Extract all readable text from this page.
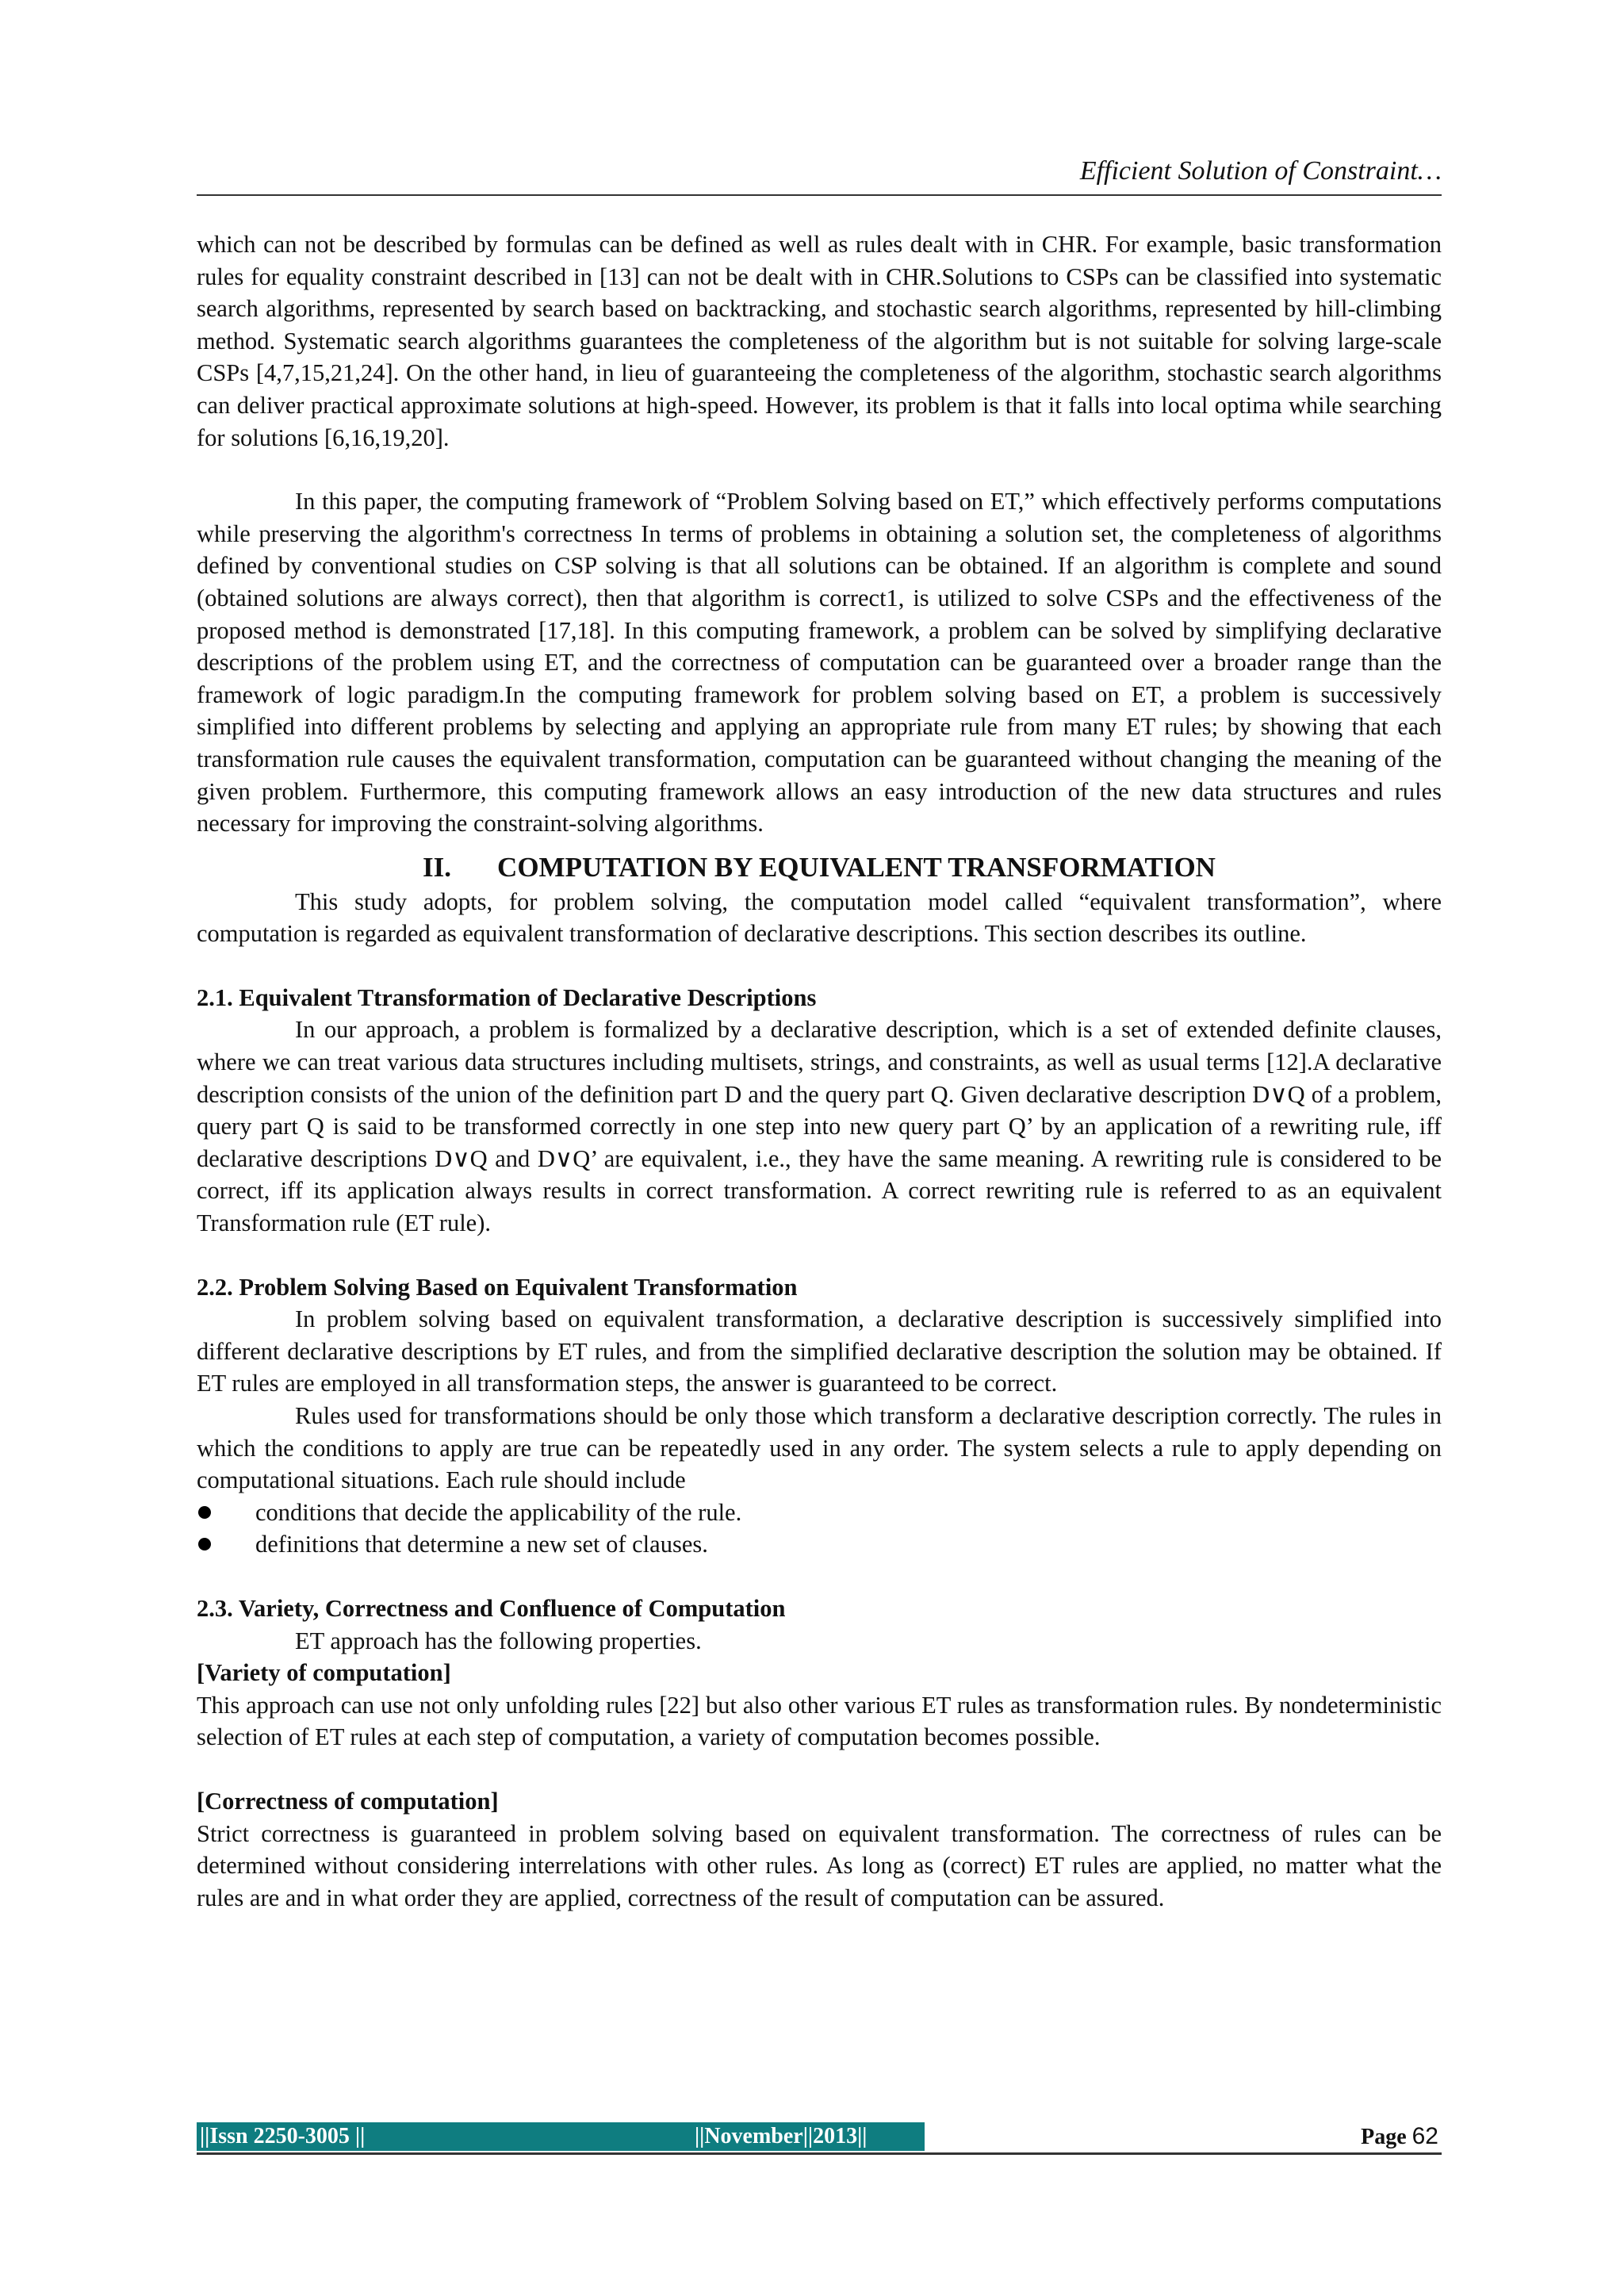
Efficient Solution of Constraint…

which can not be described by formulas can be defined as well as rules dealt with in CHR. For example, basic transformation rules for equality constraint described in [13] can not be dealt with in CHR.Solutions to CSPs can be classified into systematic search algorithms, represented by search based on backtracking, and stochastic search algorithms, represented by hill-climbing method. Systematic search algorithms guarantees the completeness of the algorithm but is not suitable for solving large-scale CSPs [4,7,15,21,24]. On the other hand, in lieu of guaranteeing the completeness of the algorithm, stochastic search algorithms can deliver practical approximate solutions at high-speed. However, its problem is that it falls into local optima while searching for solutions [6,16,19,20].

In this paper, the computing framework of “Problem Solving based on ET,” which effectively performs computations while preserving the algorithm's correctness In terms of problems in obtaining a solution set, the completeness of algorithms defined by conventional studies on CSP solving is that all solutions can be obtained. If an algorithm is complete and sound (obtained solutions are always correct), then that algorithm is correct1, is utilized to solve CSPs and the effectiveness of the proposed method is demonstrated [17,18]. In this computing framework, a problem can be solved by simplifying declarative descriptions of the problem using ET, and the correctness of computation can be guaranteed over a broader range than the framework of logic paradigm.In the computing framework for problem solving based on ET, a problem is successively simplified into different problems by selecting and applying an appropriate rule from many ET rules; by showing that each transformation rule causes the equivalent transformation, computation can be guaranteed without changing the meaning of the given problem. Furthermore, this computing framework allows an easy introduction of the new data structures and rules necessary for improving the constraint-solving algorithms.

II. COMPUTATION BY EQUIVALENT TRANSFORMATION

This study adopts, for problem solving, the computation model called “equivalent transformation”, where computation is regarded as equivalent transformation of declarative descriptions. This section describes its outline.

2.1. Equivalent Ttransformation of Declarative Descriptions

In our approach, a problem is formalized by a declarative description, which is a set of extended definite clauses, where we can treat various data structures including multisets, strings, and constraints, as well as usual terms [12].A declarative description consists of the union of the definition part D and the query part Q. Given declarative description D∨Q of a problem, query part Q is said to be transformed correctly in one step into new query part Q’ by an application of a rewriting rule, iff declarative descriptions D∨Q and D∨Q’ are equivalent, i.e., they have the same meaning. A rewriting rule is considered to be correct, iff its application always results in correct transformation. A correct rewriting rule is referred to as an equivalent Transformation rule (ET rule).

2.2. Problem Solving Based on Equivalent Transformation

In problem solving based on equivalent transformation, a declarative description is successively simplified into different declarative descriptions by ET rules, and from the simplified declarative description the solution may be obtained. If ET rules are employed in all transformation steps, the answer is guaranteed to be correct.

Rules used for transformations should be only those which transform a declarative description correctly. The rules in which the conditions to apply are true can be repeatedly used in any order. The system selects a rule to apply depending on computational situations. Each rule should include

conditions that decide the applicability of the rule.
definitions that determine a new set of clauses.

2.3. Variety, Correctness and Confluence of Computation

ET approach has the following properties.

[Variety of computation]

This approach can use not only unfolding rules [22] but also other various ET rules as transformation rules. By nondeterministic selection of ET rules at each step of computation, a variety of computation becomes possible.

[Correctness of computation]

Strict correctness is guaranteed in problem solving based on equivalent transformation. The correctness of rules can be determined without considering interrelations with other rules. As long as (correct) ET rules are applied, no matter what the rules are and in what order they are applied, correctness of the result of computation can be assured.

||Issn 2250-3005 ||	||November||2013||	Page 62
